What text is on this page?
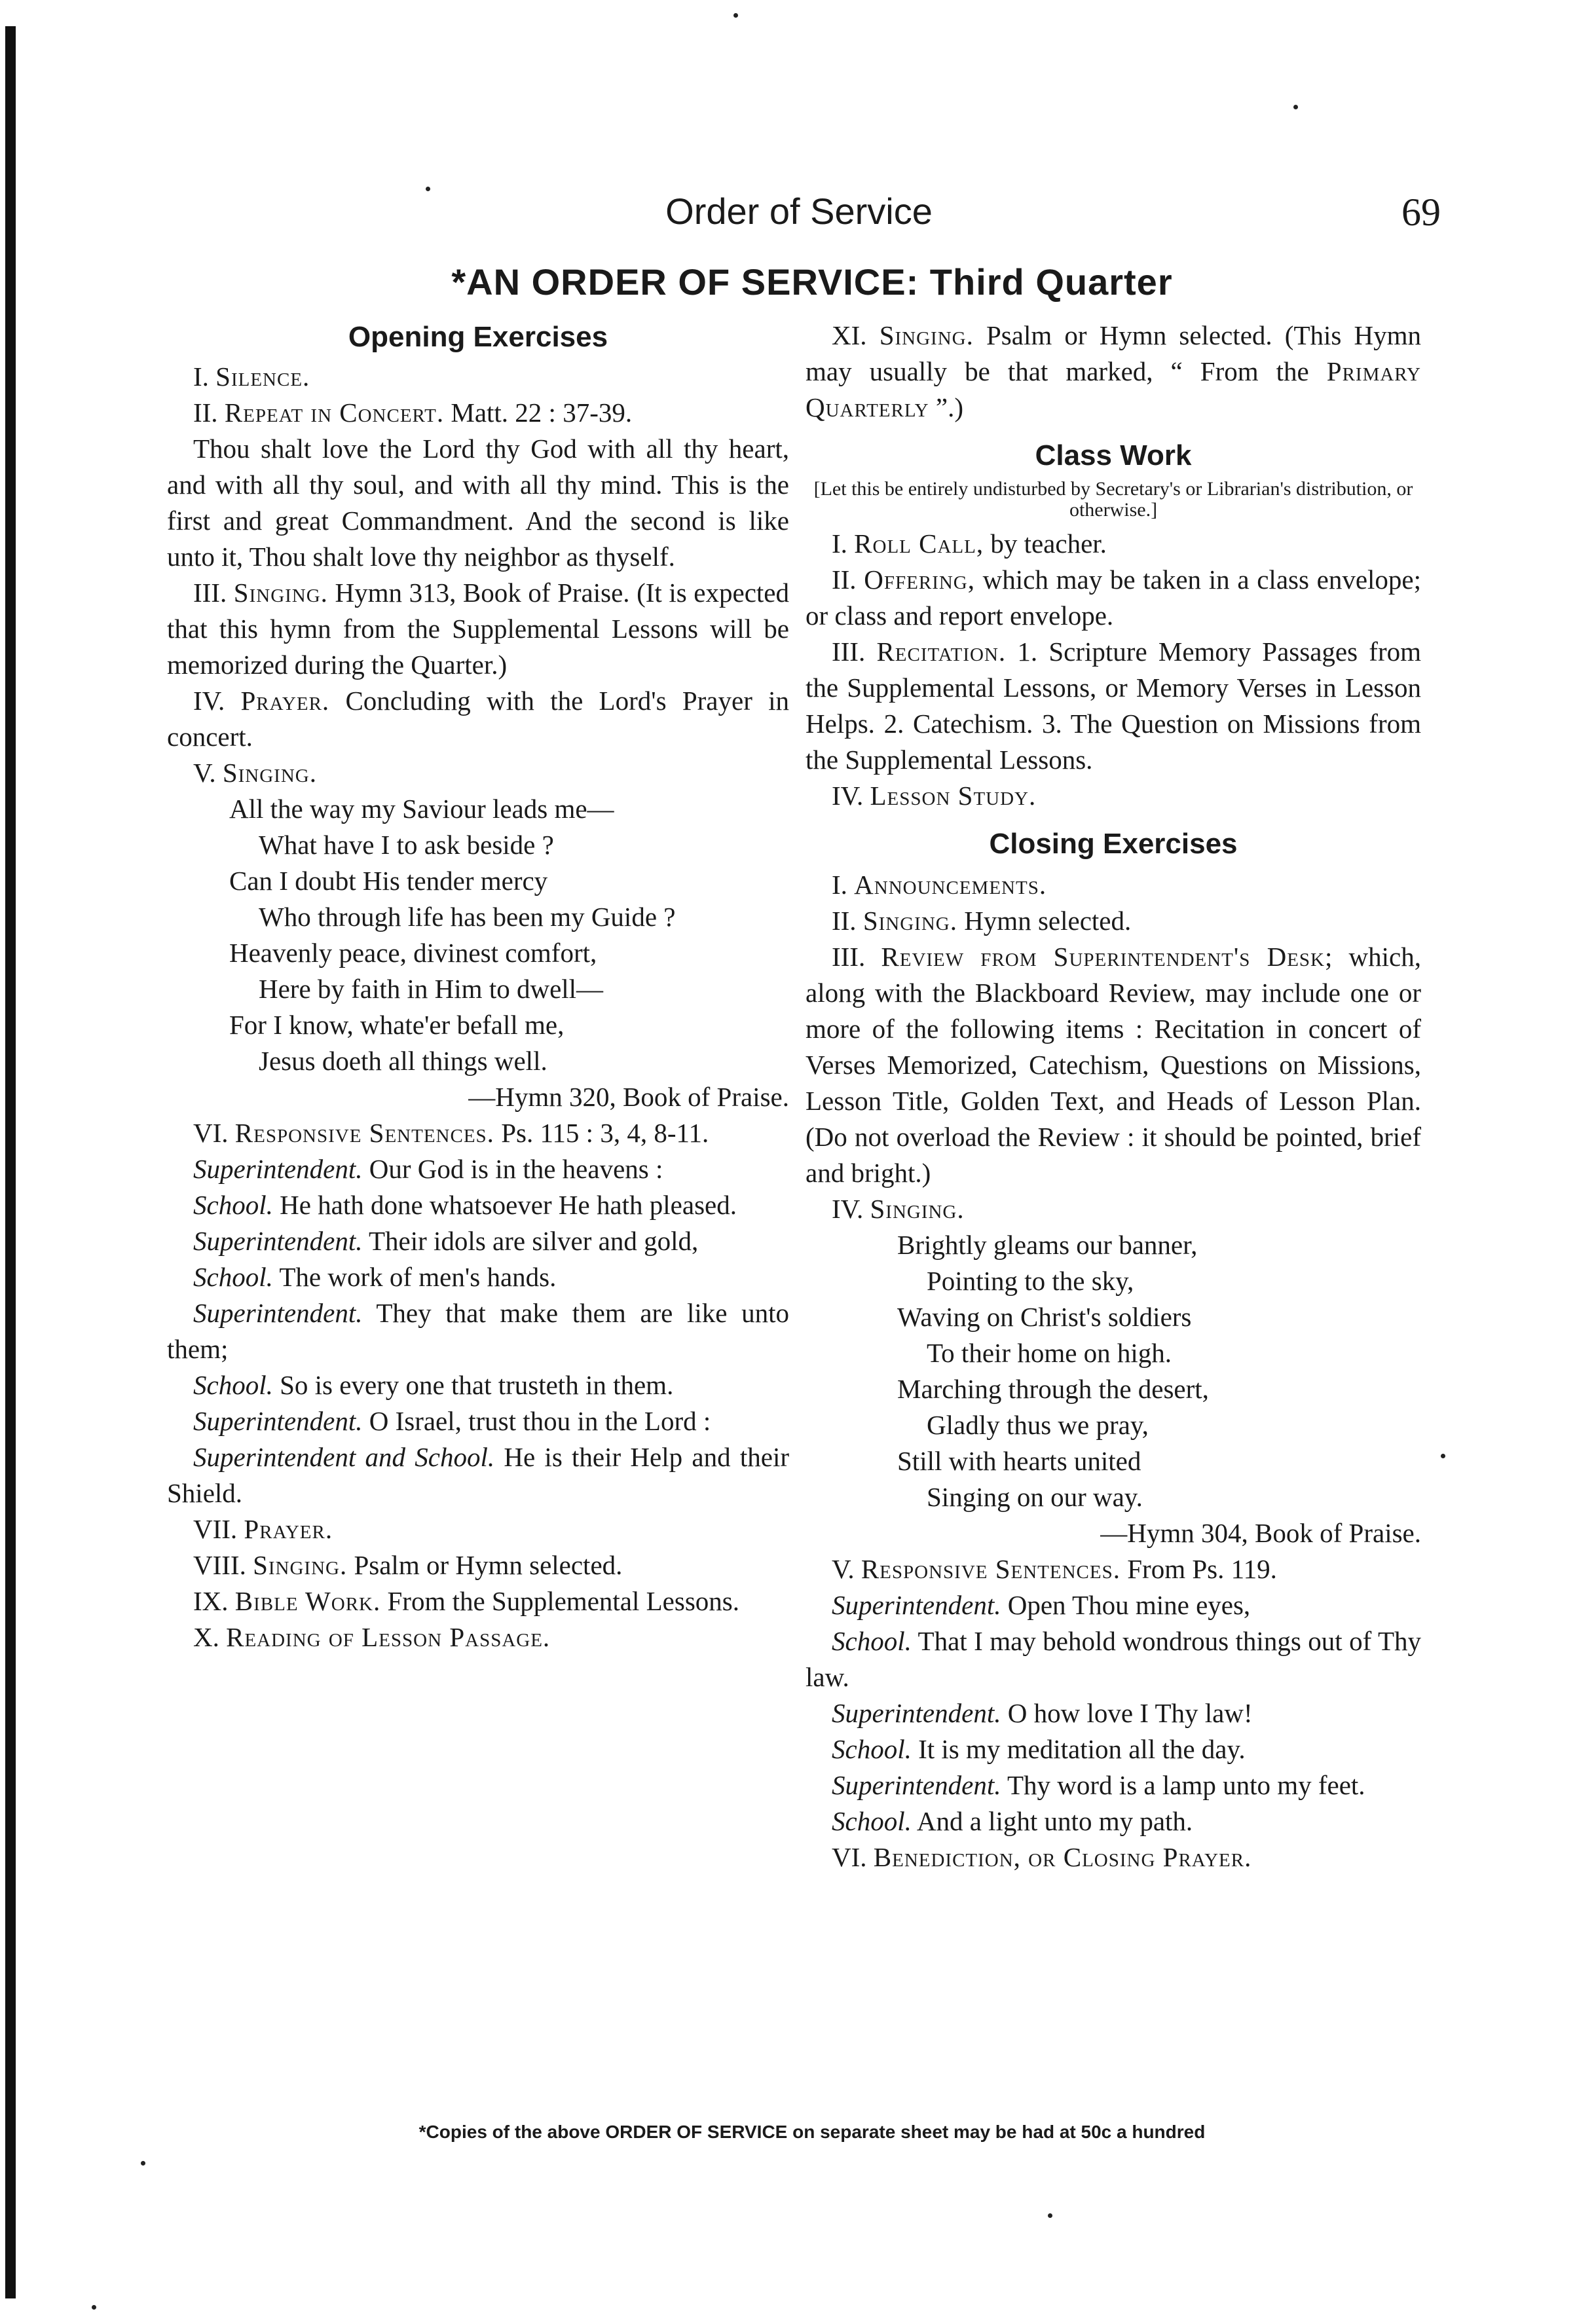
Order of Service	69
*AN ORDER OF SERVICE: Third Quarter
Opening Exercises

I. Silence.

II. Repeat in Concert. Matt. 22 : 37-39.

Thou shalt love the Lord thy God with all thy heart, and with all thy soul, and with all thy mind. This is the first and great Commandment. And the second is like unto it, Thou shalt love thy neighbor as thyself.

III. Singing. Hymn 313, Book of Praise. (It is expected that this hymn from the Supplemental Lessons will be memorized during the Quarter.)

IV. Prayer. Concluding with the Lord's Prayer in concert.

V. Singing.

All the way my Saviour leads me—

What have I to ask beside ?

Can I doubt His tender mercy

Who through life has been my Guide ?

Heavenly peace, divinest comfort,

Here by faith in Him to dwell—

For I know, whate'er befall me,

Jesus doeth all things well.

—Hymn 320, Book of Praise.

VI. Responsive Sentences. Ps. 115 : 3, 4, 8-11.

Superintendent. Our God is in the heavens :

School. He hath done whatsoever He hath pleased.

Superintendent. Their idols are silver and gold,

School. The work of men's hands.

Superintendent. They that make them are like unto them;

School. So is every one that trusteth in them.

Superintendent. O Israel, trust thou in the Lord :

Superintendent and School. He is their Help and their Shield.

VII. Prayer.

VIII. Singing. Psalm or Hymn selected.

IX. Bible Work. From the Supplemental Lessons.

X. Reading of Lesson Passage.

XI. Singing. Psalm or Hymn selected. (This Hymn may usually be that marked, “ From the Primary Quarterly ”.)

Class Work

[Let this be entirely undisturbed by Secretary's or Librarian's distribution, or otherwise.]

I. Roll Call, by teacher.

II. Offering, which may be taken in a class envelope; or class and report envelope.

III. Recitation. 1. Scripture Memory Passages from the Supplemental Lessons, or Memory Verses in Lesson Helps. 2. Catechism. 3. The Question on Missions from the Supplemental Lessons.

IV. Lesson Study.

Closing Exercises

I. Announcements.

II. Singing. Hymn selected.

III. Review from Superintendent's Desk; which, along with the Blackboard Review, may include one or more of the following items : Recitation in concert of Verses Memorized, Catechism, Questions on Missions, Lesson Title, Golden Text, and Heads of Lesson Plan. (Do not overload the Review : it should be pointed, brief and bright.)

IV. Singing.

Brightly gleams our banner,

Pointing to the sky,

Waving on Christ's soldiers

To their home on high.

Marching through the desert,

Gladly thus we pray,

Still with hearts united

Singing on our way.

—Hymn 304, Book of Praise.

V. Responsive Sentences. From Ps. 119.

Superintendent. Open Thou mine eyes,

School. That I may behold wondrous things out of Thy law.

Superintendent. O how love I Thy law!

School. It is my meditation all the day.

Superintendent. Thy word is a lamp unto my feet.

School. And a light unto my path.

VI. Benediction, or Closing Prayer.

*Copies of the above ORDER OF SERVICE on separate sheet may be had at 50c a hundred
